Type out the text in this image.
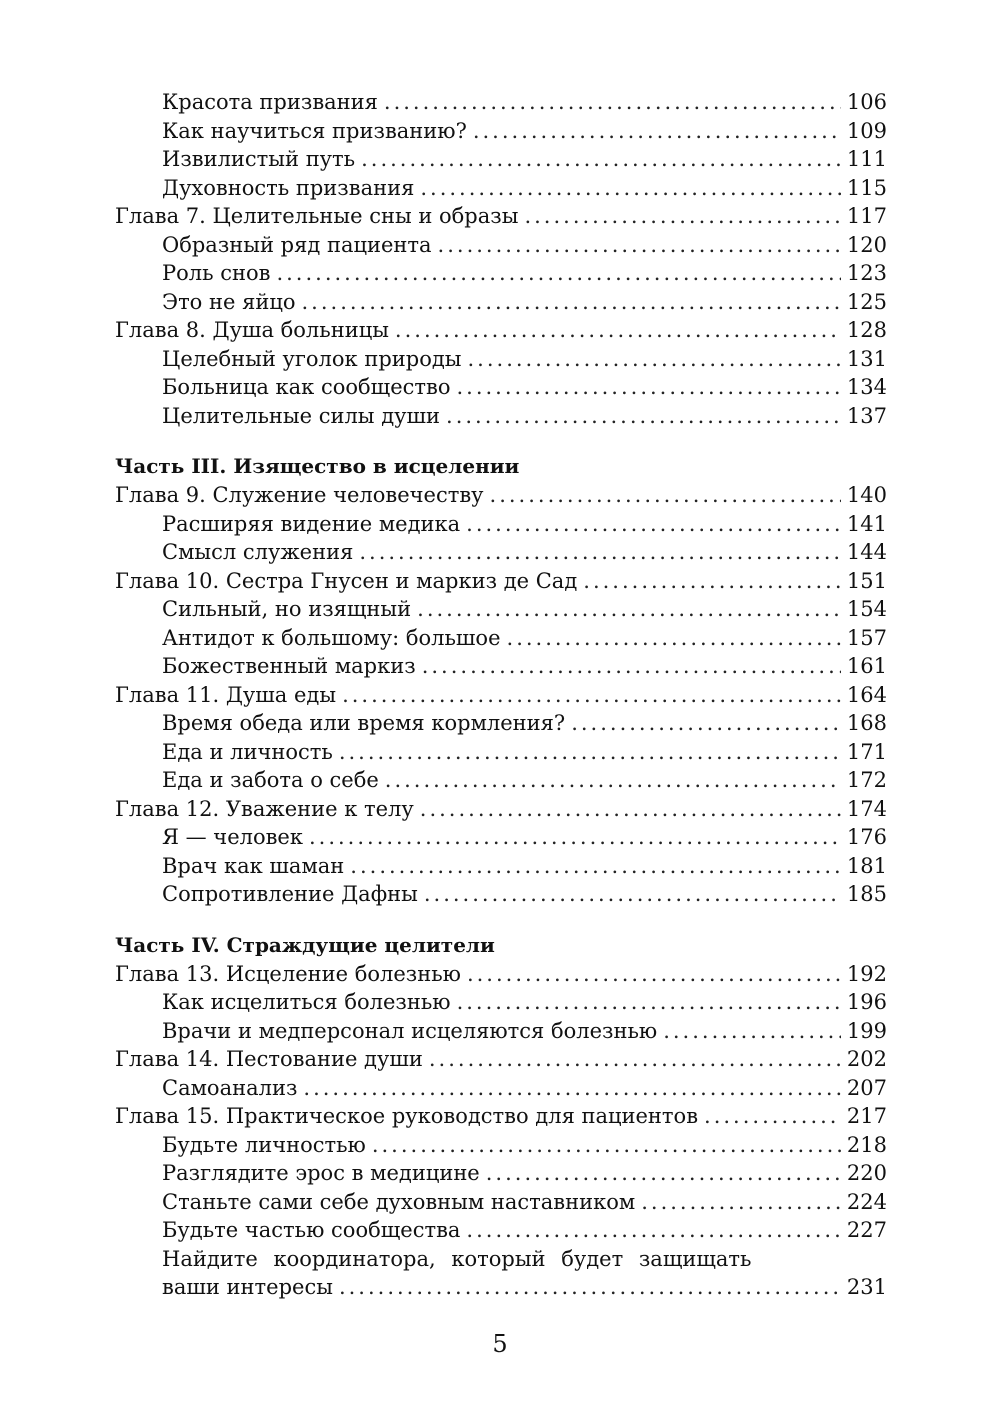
Красота призвания .....	106
Как научиться призванию? .....	109
Извилистый путь .....	111
Духовность призвания .....	115
Глава 7. Целительные сны и образы .....	117
Образный ряд пациента .....	120
Роль снов .....	123
Это не яйцо .....	125
Глава 8. Душа больницы .....	128
Целебный уголок природы .....	131
Больница как сообщество .....	134
Целительные силы души .....	137
Часть III. Изящество в исцелении
Глава 9. Служение человечеству .....	140
Расширяя видение медика .....	141
Смысл служения .....	144
Глава 10. Сестра Гнусен и маркиз де Сад .....	151
Сильный, но изящный .....	154
Антидот к большому: большое .....	157
Божественный маркиз .....	161
Глава 11. Душа еды .....	164
Время обеда или время кормления? .....	168
Еда и личность .....	171
Еда и забота о себе .....	172
Глава 12. Уважение к телу .....	174
Я — человек .....	176
Врач как шаман .....	181
Сопротивление Дафны .....	185
Часть IV. Страждущие целители
Глава 13. Исцеление болезнью .....	192
Как исцелиться болезнью .....	196
Врачи и медперсонал исцеляются болезнью .....	199
Глава 14. Пестование души .....	202
Самоанализ .....	207
Глава 15. Практическое руководство для пациентов .....	217
Будьте личностью .....	218
Разглядите эрос в медицине .....	220
Станьте сами себе духовным наставником .....	224
Будьте частью сообщества .....	227
Найдите координатора, который будет защищать
ваши интересы .....	231
5
